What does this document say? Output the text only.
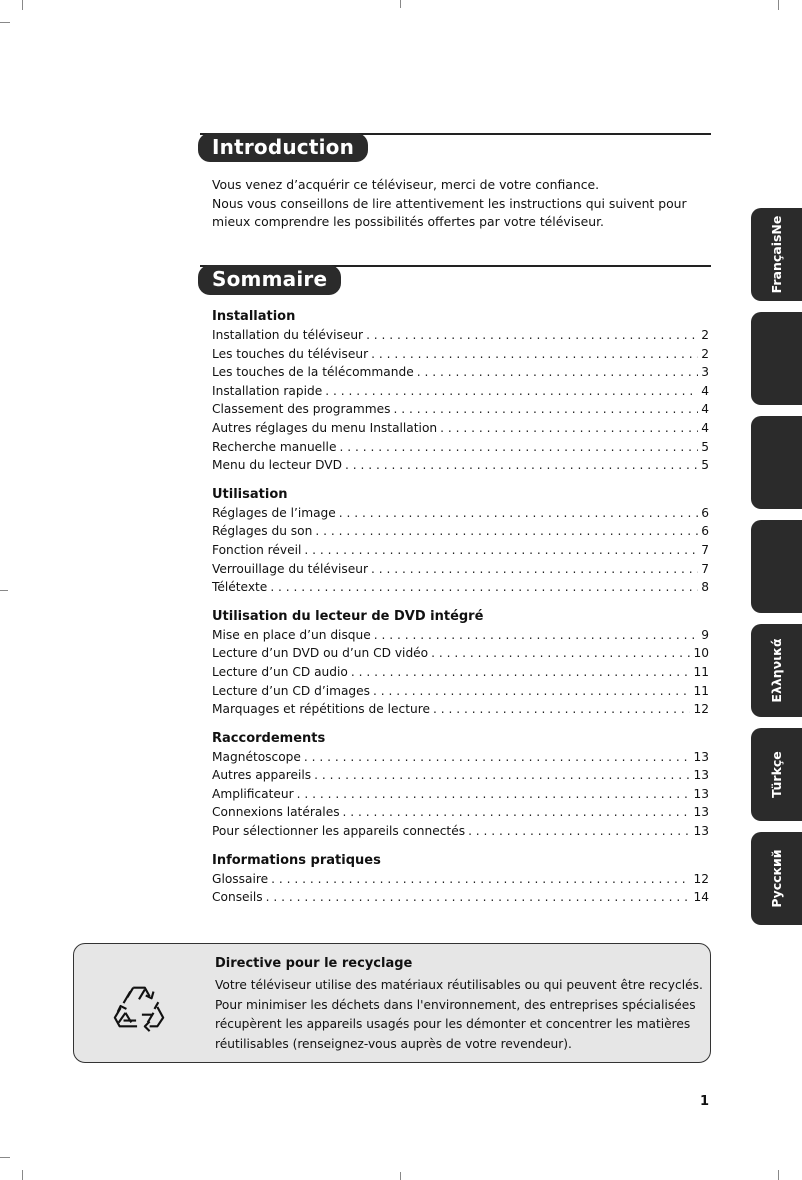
Introduction
Vous venez d’acquérir ce téléviseur, merci de votre confiance.
Nous vous conseillons de lire attentivement les instructions qui suivent pour
mieux comprendre les possibilités offertes par votre téléviseur.
Sommaire
Installation
Installation du téléviseur . . .	2
Les touches du téléviseur . . .	2
Les touches de la télécommande . . .	3
Installation rapide . . .	4
Classement des programmes . . .	4
Autres réglages du menu Installation . . .	4
Recherche manuelle . . .	5
Menu du lecteur DVD . . .	5
Utilisation
Réglages de l’image . . .	6
Réglages du son . . .	6
Fonction réveil . . .	7
Verrouillage du téléviseur . . .	7
Télétexte . . .	8
Utilisation du lecteur de DVD intégré
Mise en place d’un disque . . .	9
Lecture d’un DVD ou d’un CD vidéo . . .	10
Lecture d’un CD audio . . .	11
Lecture d’un CD d’images . . .	11
Marquages et répétitions de lecture . . .	12
Raccordements
Magnétoscope . . .	13
Autres appareils . . .	13
Amplificateur . . .	13
Connexions latérales . . .	13
Pour sélectionner les appareils connectés . . .	13
Informations pratiques
Glossaire . . .	12
Conseils . . .	14
FrançaisNe
Ελληνικά
Türkçe
Русский
Directive pour le recyclage
Votre téléviseur utilise des matériaux réutilisables ou qui peuvent être recyclés.
Pour minimiser les déchets dans l'environnement, des entreprises spécialisées
récupèrent les appareils usagés pour les démonter et concentrer les matières
réutilisables (renseignez-vous auprès de votre revendeur).
1
